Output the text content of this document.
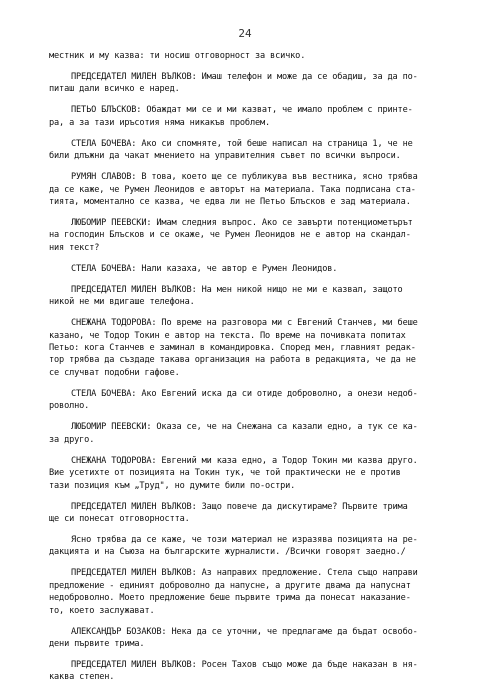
24
местник и му казва: ти носиш отговорност за всичко.
ПРЕДСЕДАТЕЛ МИЛЕН ВЪЛКОВ: Имаш телефон и може да се обадиш, за да по-
питаш дали всичко е наред.
ПЕТЬО БЛЪСКОВ: Обаждат ми се и ми казват, че имало проблем с принте-
ра, а за тази иръсотия няма никакъв проблем.
СТЕЛА БОЧЕВА: Ако си спомняте, той беше написал на страница 1, че не
били длъжни да чакат мнението на управителния съвет по всички въпроси.
РУМЯН СЛАВОВ: В това, което ще се публикува във вестника, ясно трябва
да се каже, че Румен Леонидов е авторът на материала. Така подписана ста-
тията, моментално се казва, че едва ли не Петьо Блъсков е зад материала.
ЛЮБОМИР ПЕЕВСКИ: Имам следния въпрос. Ако се завърти потенциометърът
на господин Блъсков и се окаже, че Румен Леонидов не е автор на скандал-
ния текст?
СТЕЛА БОЧЕВА: Нали казаха, че автор е Румен Леонидов.
ПРЕДСЕДАТЕЛ МИЛЕН ВЪЛКОВ: На мен никой нищо не ми е казвал, защото
никой не ми вдигаше телефона.
СНЕЖАНА ТОДОРОВА: По време на разговора ми с Евгений Станчев, ми беше
казано, че Тодор Токин е автор на текста. По време на почивката попитах
Петьо: кога Станчев е заминал в командировка. Според мен, главният редак-
тор трябва да създаде такава организация на работа в редакцията, че да не
се случват подобни гафове.
СТЕЛА БОЧЕВА: Ако Евгений иска да си отиде доброволно, а онези недоб-
роволно.
ЛЮБОМИР ПЕЕВСКИ: Оказа се, че на Снежана са казали едно, а тук се ка-
за друго.
СНЕЖАНА ТОДОРОВА: Евгений ми каза едно, а Тодор Токин ми казва друго.
Вие усетихте от позицията на Токин тук, че той практически не е против
тази позиция към „Труд", но думите били по-остри.
ПРЕДСЕДАТЕЛ МИЛЕН ВЪЛКОВ: Защо повече да дискутираме? Първите трима
ще си понесат отговорността.
Ясно трябва да се каже, че този материал не изразява позицията на ре-
дакцията и на Съюза на българските журналисти. /Всички говорят заедно./
ПРЕДСЕДАТЕЛ МИЛЕН ВЪЛКОВ: Аз направих предложение. Стела също направи
предложение - единият доброволно да напусне, а другите двама да напуснат
недоброволно. Моето предложение беше първите трима да понесат наказание-
то, което заслужават.
АЛЕКСАНДЪР БОЗАКОВ: Нека да се уточни, че предлагаме да бъдат освобо-
дени първите трима.
ПРЕДСЕДАТЕЛ МИЛЕН ВЪЛКОВ: Росен Тахов също може да бъде наказан в ня-
каква степен.
